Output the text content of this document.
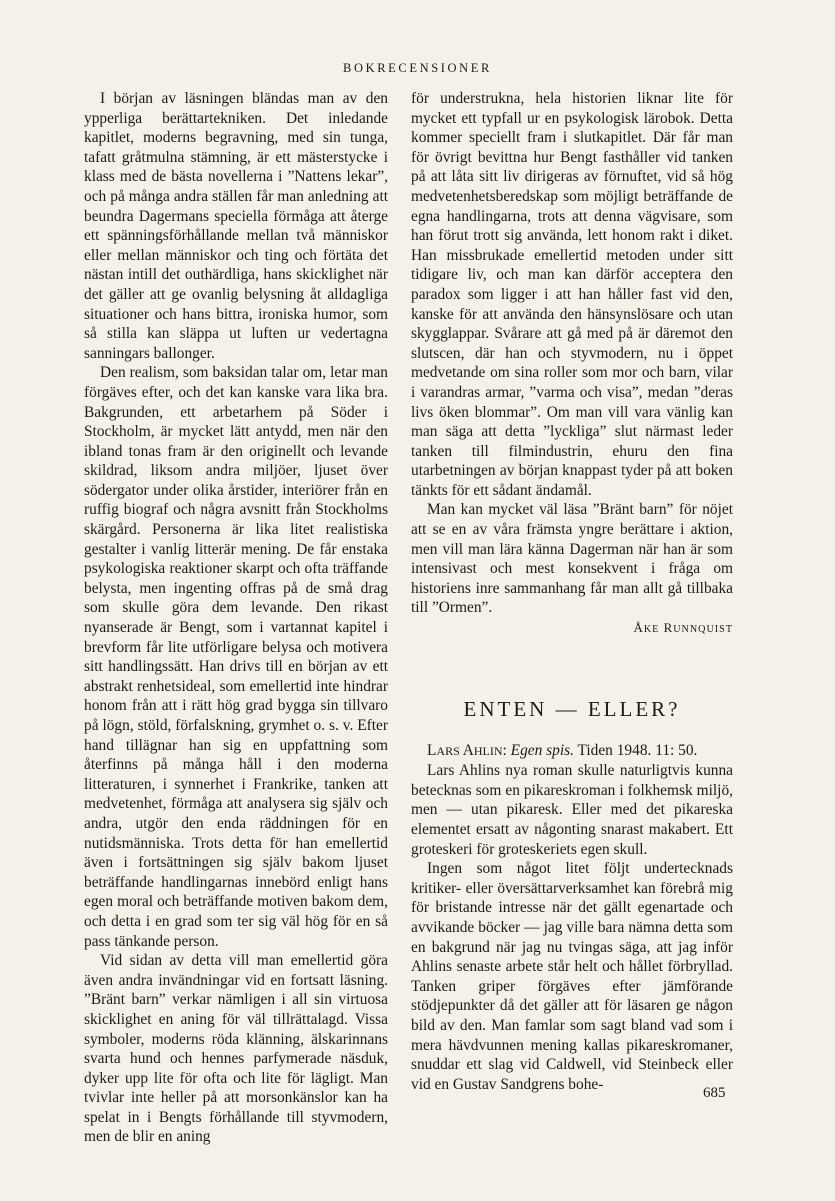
BOKRECENSIONER

I början av läsningen bländas man av den ypperliga berättartekniken. Det inledande kapitlet, moderns begravning, med sin tunga, tafatt gråtmulna stämning, är ett mästerstycke i klass med de bästa novellerna i ”Nattens lekar”, och på många andra ställen får man anledning att beundra Dagermans speciella förmåga att återge ett spänningsförhållande mellan två människor eller mellan människor och ting och förtäta det nästan intill det outhärdliga, hans skicklighet när det gäller att ge ovanlig belysning åt alldagliga situationer och hans bittra, ironiska humor, som så stilla kan släppa ut luften ur vedertagna sanningars ballonger.

Den realism, som baksidan talar om, letar man förgäves efter, och det kan kanske vara lika bra. Bakgrunden, ett arbetarhem på Söder i Stockholm, är mycket lätt antydd, men när den ibland tonas fram är den originellt och levande skildrad, liksom andra miljöer, ljuset över södergator under olika årstider, interiörer från en ruffig biograf och några avsnitt från Stockholms skärgård. Personerna är lika litet realistiska gestalter i vanlig litterär mening. De får enstaka psykologiska reaktioner skarpt och ofta träffande belysta, men ingenting offras på de små drag som skulle göra dem levande. Den rikast nyanserade är Bengt, som i vartannat kapitel i brevform får lite utförligare belysa och motivera sitt handlingssätt. Han drivs till en början av ett abstrakt renhetsideal, som emellertid inte hindrar honom från att i rätt hög grad bygga sin tillvaro på lögn, stöld, förfalskning, grymhet o. s. v. Efter hand tillägnar han sig en uppfattning som återfinns på många håll i den moderna litteraturen, i synnerhet i Frankrike, tanken att medvetenhet, förmåga att analysera sig själv och andra, utgör den enda räddningen för en nutidsmänniska. Trots detta för han emellertid även i fortsättningen sig själv bakom ljuset beträffande handlingarnas innebörd enligt hans egen moral och beträffande motiven bakom dem, och detta i en grad som ter sig väl hög för en så pass tänkande person.

Vid sidan av detta vill man emellertid göra även andra invändningar vid en fortsatt läsning. ”Bränt barn” verkar nämligen i all sin virtuosa skicklighet en aning för väl tillrättalagd. Vissa symboler, moderns röda klänning, älskarinnans svarta hund och hennes parfymerade näsduk, dyker upp lite för ofta och lite för lägligt. Man tvivlar inte heller på att morsonkänslor kan ha spelat in i Bengts förhållande till styvmodern, men de blir en aning

för understrukna, hela historien liknar lite för mycket ett typfall ur en psykologisk lärobok. Detta kommer speciellt fram i slutkapitlet. Där får man för övrigt bevittna hur Bengt fasthåller vid tanken på att låta sitt liv dirigeras av förnuftet, vid så hög medvetenhetsberedskap som möjligt beträffande de egna handlingarna, trots att denna vägvisare, som han förut trott sig använda, lett honom rakt i diket. Han missbrukade emellertid metoden under sitt tidigare liv, och man kan därför acceptera den paradox som ligger i att han håller fast vid den, kanske för att använda den hänsynslösare och utan skygglappar. Svårare att gå med på är däremot den slutscen, där han och styvmodern, nu i öppet medvetande om sina roller som mor och barn, vilar i varandras armar, ”varma och visa”, medan ”deras livs öken blommar”. Om man vill vara vänlig kan man säga att detta ”lyckliga” slut närmast leder tanken till filmindustrin, ehuru den fina utarbetningen av början knappast tyder på att boken tänkts för ett sådant ändamål.

Man kan mycket väl läsa ”Bränt barn” för nöjet att se en av våra främsta yngre berättare i aktion, men vill man lära känna Dagerman när han är som intensivast och mest konsekvent i fråga om historiens inre sammanhang får man allt gå tillbaka till ”Ormen”.

ÅKE RUNNQUIST

ENTEN — ELLER?

LARS AHLIN: Egen spis. Tiden 1948. 11: 50.

Lars Ahlins nya roman skulle naturligtvis kunna betecknas som en pikareskroman i folkhemsk miljö, men — utan pikaresk. Eller med det pikareska elementet ersatt av någonting snarast makabert. Ett groteskeri för groteskeriets egen skull.

Ingen som något litet följt undertecknads kritiker- eller översättarverksamhet kan förebrå mig för bristande intresse när det gällt egenartade och avvikande böcker — jag ville bara nämna detta som en bakgrund när jag nu tvingas säga, att jag inför Ahlins senaste arbete står helt och hållet förbryllad. Tanken griper förgäves efter jämförande stödjepunkter då det gäller att för läsaren ge någon bild av den. Man famlar som sagt bland vad som i mera hävdvunnen mening kallas pikareskromaner, snuddar ett slag vid Caldwell, vid Steinbeck eller vid en Gustav Sandgrens bohe-

685
